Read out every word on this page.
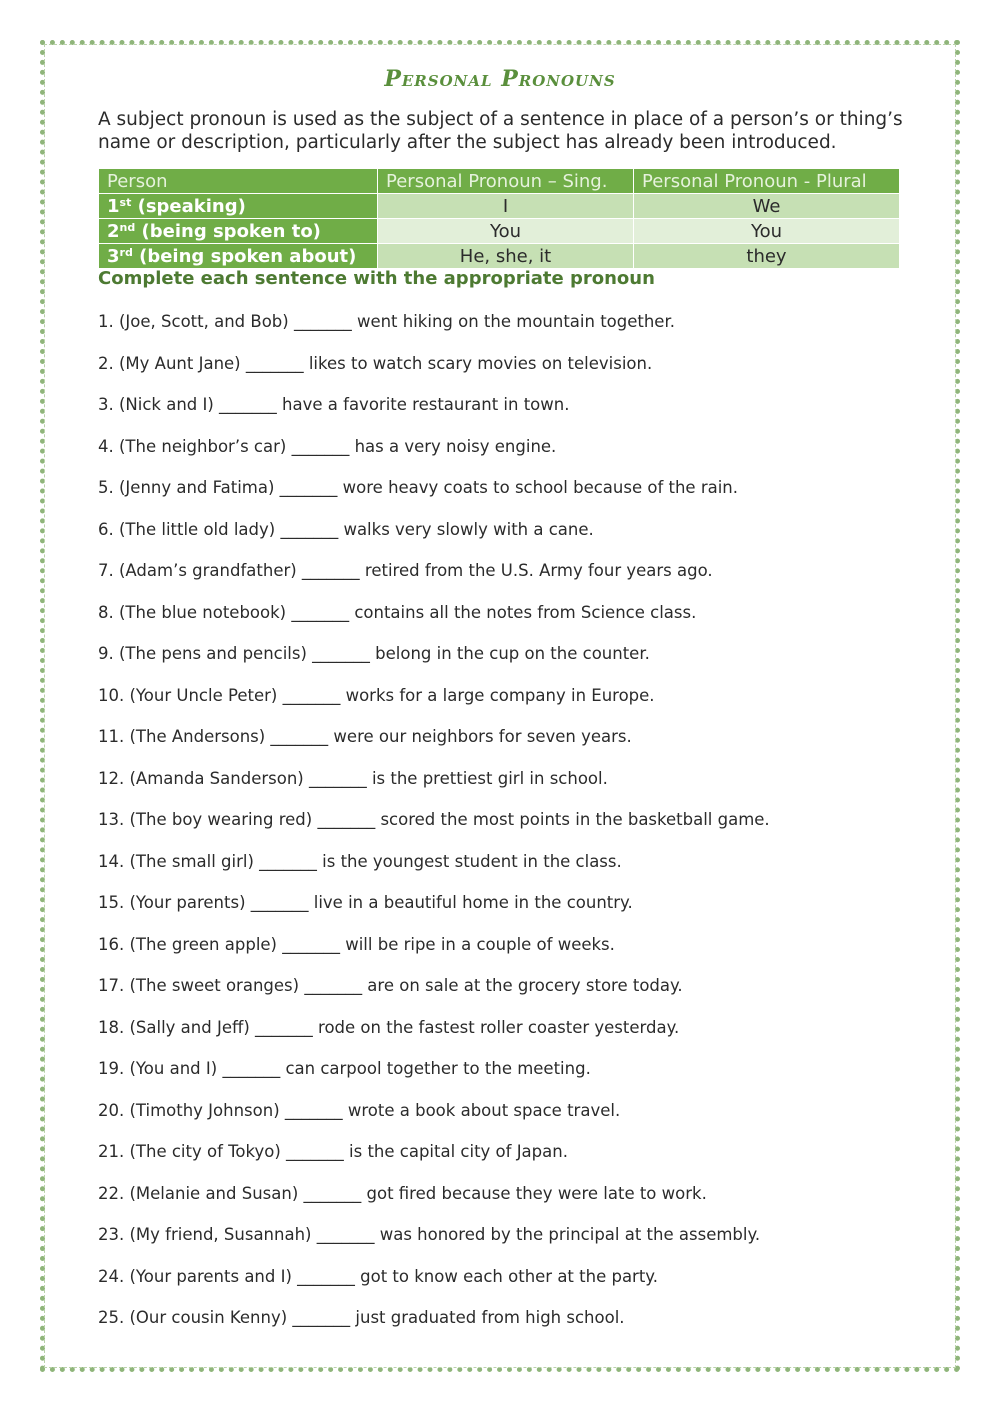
Personal Pronouns
A subject pronoun is used as the subject of a sentence in place of a person’s or thing’s name or description, particularly after the subject has already been introduced.
Person	Personal Pronoun – Sing.	Personal Pronoun - Plural
1st (speaking)	I	We
2nd (being spoken to)	You	You
3rd (being spoken about)	He, she, it	they
Complete each sentence with the appropriate pronoun
1. (Joe, Scott, and Bob) _______ went hiking on the mountain together.
2. (My Aunt Jane) _______ likes to watch scary movies on television.
3. (Nick and I) _______ have a favorite restaurant in town.
4. (The neighbor’s car) _______ has a very noisy engine.
5. (Jenny and Fatima) _______ wore heavy coats to school because of the rain.
6. (The little old lady) _______ walks very slowly with a cane.
7. (Adam’s grandfather) _______ retired from the U.S. Army four years ago.
8. (The blue notebook) _______ contains all the notes from Science class.
9. (The pens and pencils) _______ belong in the cup on the counter.
10. (Your Uncle Peter) _______ works for a large company in Europe.
11. (The Andersons) _______ were our neighbors for seven years.
12. (Amanda Sanderson) _______ is the prettiest girl in school.
13. (The boy wearing red) _______ scored the most points in the basketball game.
14. (The small girl) _______ is the youngest student in the class.
15. (Your parents) _______ live in a beautiful home in the country.
16. (The green apple) _______ will be ripe in a couple of weeks.
17. (The sweet oranges) _______ are on sale at the grocery store today.
18. (Sally and Jeff) _______ rode on the fastest roller coaster yesterday.
19. (You and I) _______ can carpool together to the meeting.
20. (Timothy Johnson) _______ wrote a book about space travel.
21. (The city of Tokyo) _______ is the capital city of Japan.
22. (Melanie and Susan) _______ got fired because they were late to work.
23. (My friend, Susannah) _______ was honored by the principal at the assembly.
24. (Your parents and I) _______ got to know each other at the party.
25. (Our cousin Kenny) _______ just graduated from high school.
